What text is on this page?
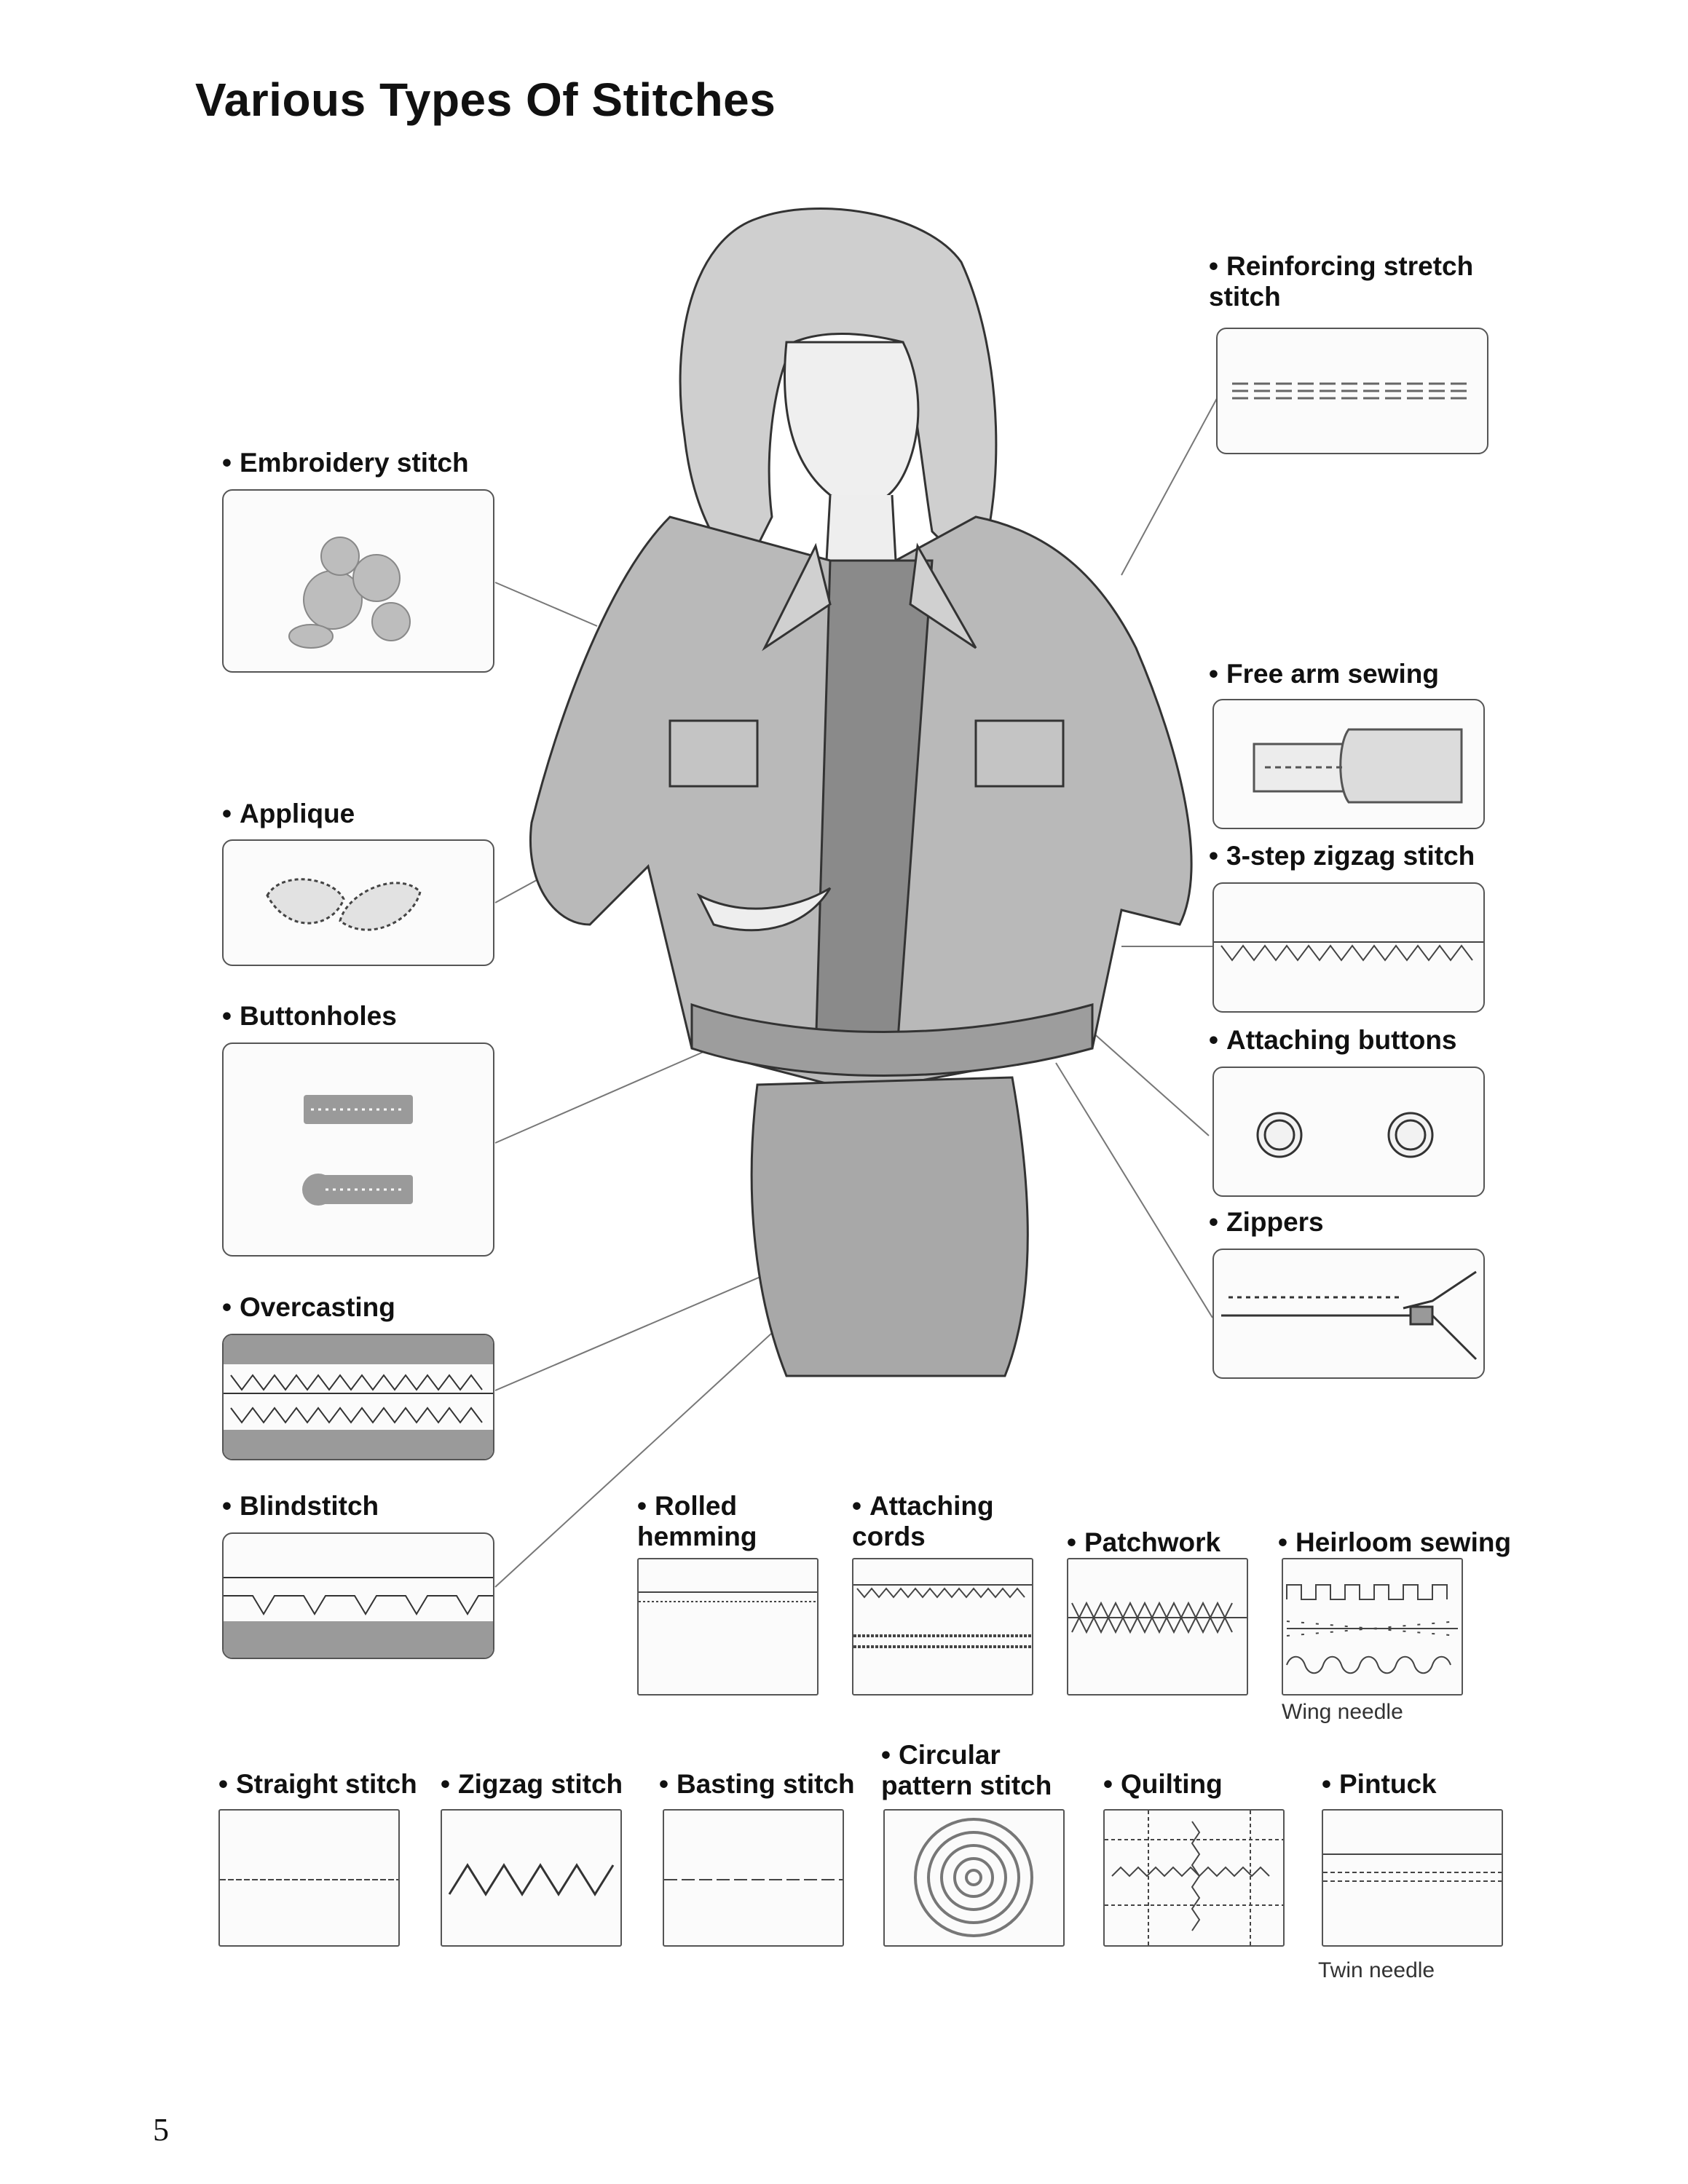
Various Types Of Stitches
• Reinforcing stretch stitch
• Embroidery stitch
• Free arm sewing
• Applique
• 3-step zigzag stitch
• Buttonholes
• Attaching buttons
• Zippers
• Overcasting
• Blindstitch	• Rolled hemming
• Attaching cords	• Patchwork • Heirloom sewing
Wing needle
• Straight stitch • Zigzag stitch • Basting stitch
• Circular pattern stitch	• Quilting	• Pintuck
Twin needle
5
